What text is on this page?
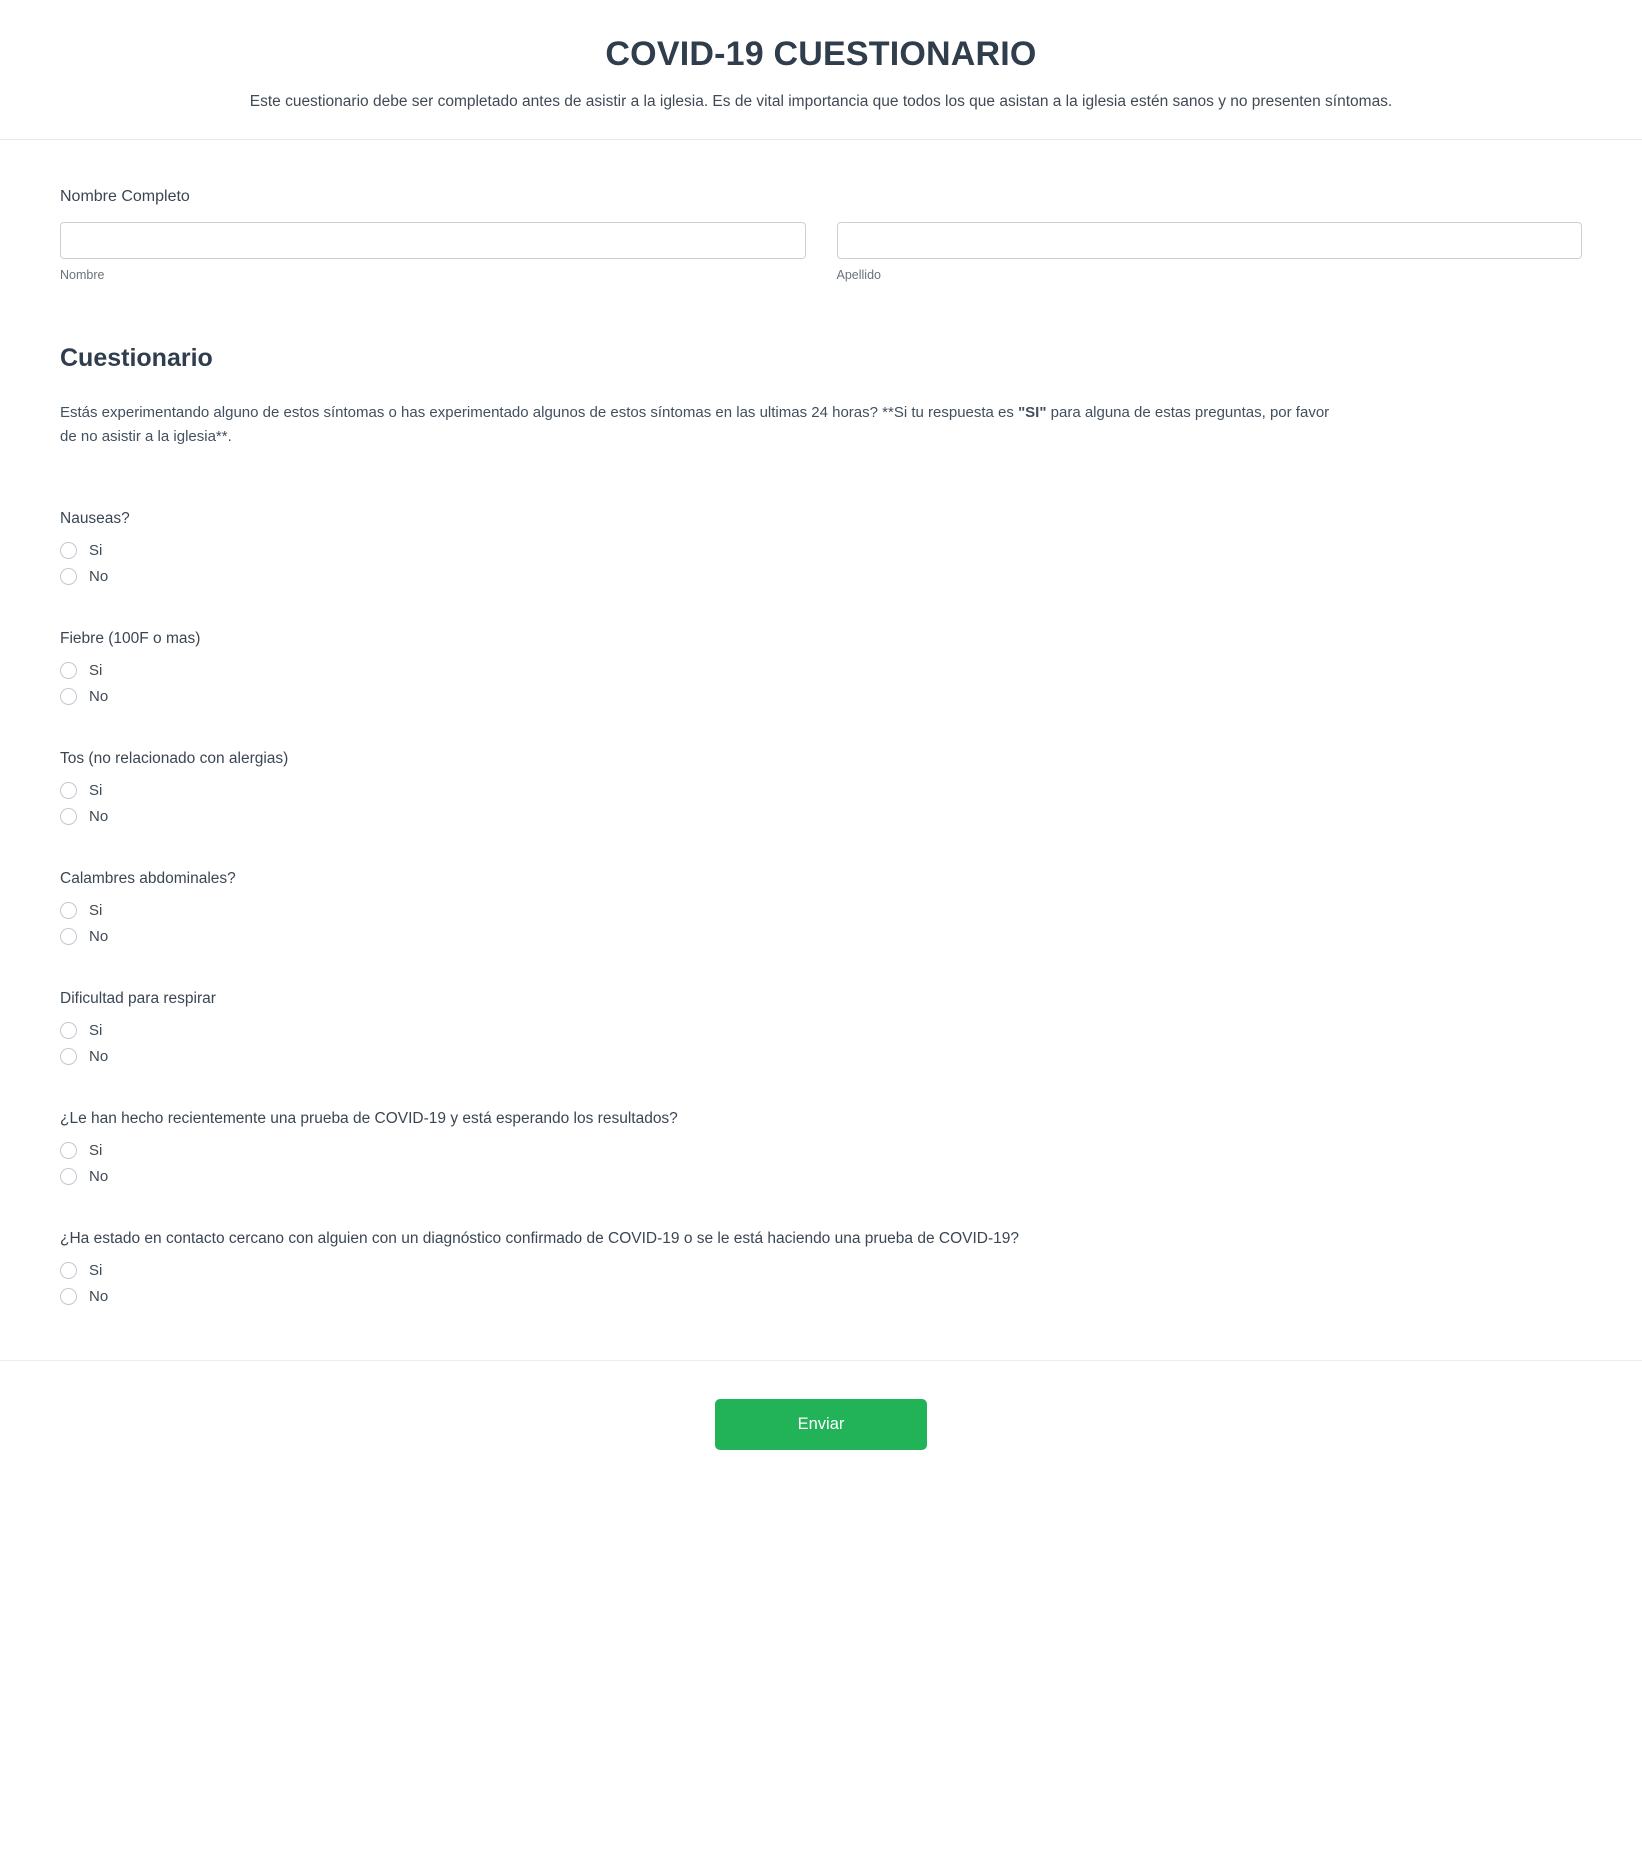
COVID-19 CUESTIONARIO

Este cuestionario debe ser completado antes de asistir a la iglesia. Es de vital importancia que todos los que asistan a la iglesia estén sanos y no presenten síntomas.

Nombre Completo
Nombre	Apellido
Cuestionario

Estás experimentando alguno de estos síntomas o has experimentado algunos de estos síntomas en las ultimas 24 horas? **Si tu respuesta es "SI" para alguna de estas preguntas, por favor de no asistir a la iglesia**.

Nauseas?
Si
No
Fiebre (100F o mas)
Si
No
Tos (no relacionado con alergias)
Si
No
Calambres abdominales?
Si
No
Dificultad para respirar
Si
No
¿Le han hecho recientemente una prueba de COVID-19 y está esperando los resultados?
Si
No
¿Ha estado en contacto cercano con alguien con un diagnóstico confirmado de COVID-19 o se le está haciendo una prueba de COVID-19?
Si
No
Enviar
